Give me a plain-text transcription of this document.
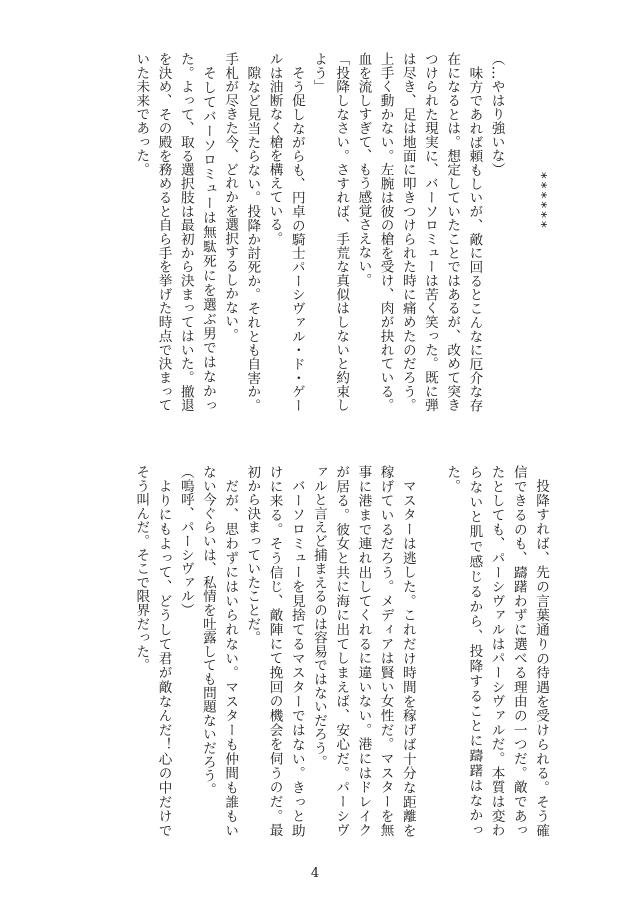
******

（…やはり強いな）

味方であれば頼もしいが、敵に回るとこんなに厄介な存在になるとは。想定していたことではあるが、改めて突きつけられた現実に、バーソロミューは苦く笑った。既に弾は尽き、足は地面に叩きつけられた時に痛めたのだろう。上手く動かない。左腕は彼の槍を受け、肉が抉れている。血を流しすぎて、もう感覚さえない。

「投降しなさい。さすれば、手荒な真似はしないと約束しよう」

そう促しながらも、円卓の騎士パーシヴァル・ド・ゲールは油断なく槍を構えている。

隙など見当たらない。投降か討死か。それとも自害か。手札が尽きた今、どれかを選択するしかない。

そしてバーソロミューは無駄死にを選ぶ男ではなかった。よって、取る選択肢は最初から決まってはいた。撤退を決め、その殿を務めると自ら手を挙げた時点で決まっていた未来であった。

投降すれば、先の言葉通りの待遇を受けられる。そう確信できるのも、躊躇わずに選べる理由の一つだ。敵であったとしても、パーシヴァルはパーシヴァルだ。本質は変わらないと肌で感じるから、投降することに躊躇はなかった。

マスターは逃した。これだけ時間を稼げば十分な距離を稼げているだろう。メディアは賢い女性だ。マスターを無事に港まで連れ出してくれるに違いない。港にはドレイクが居る。彼女と共に海に出てしまえば、安心だ。パーシヴァルと言えど捕まえるのは容易ではないだろう。

バーソロミューを見捨てるマスターではない。きっと助けに来る。そう信じ、敵陣にて挽回の機会を伺うのだ。最初から決まっていたことだ。

だが、思わずにはいられない。マスターも仲間も誰もいない今ぐらいは、私情を吐露しても問題ないだろう。

（嗚呼、パーシヴァル）

よりにもよって、どうして君が敵なんだ！心の中だけでそう叫んだ。そこで限界だった。

4
